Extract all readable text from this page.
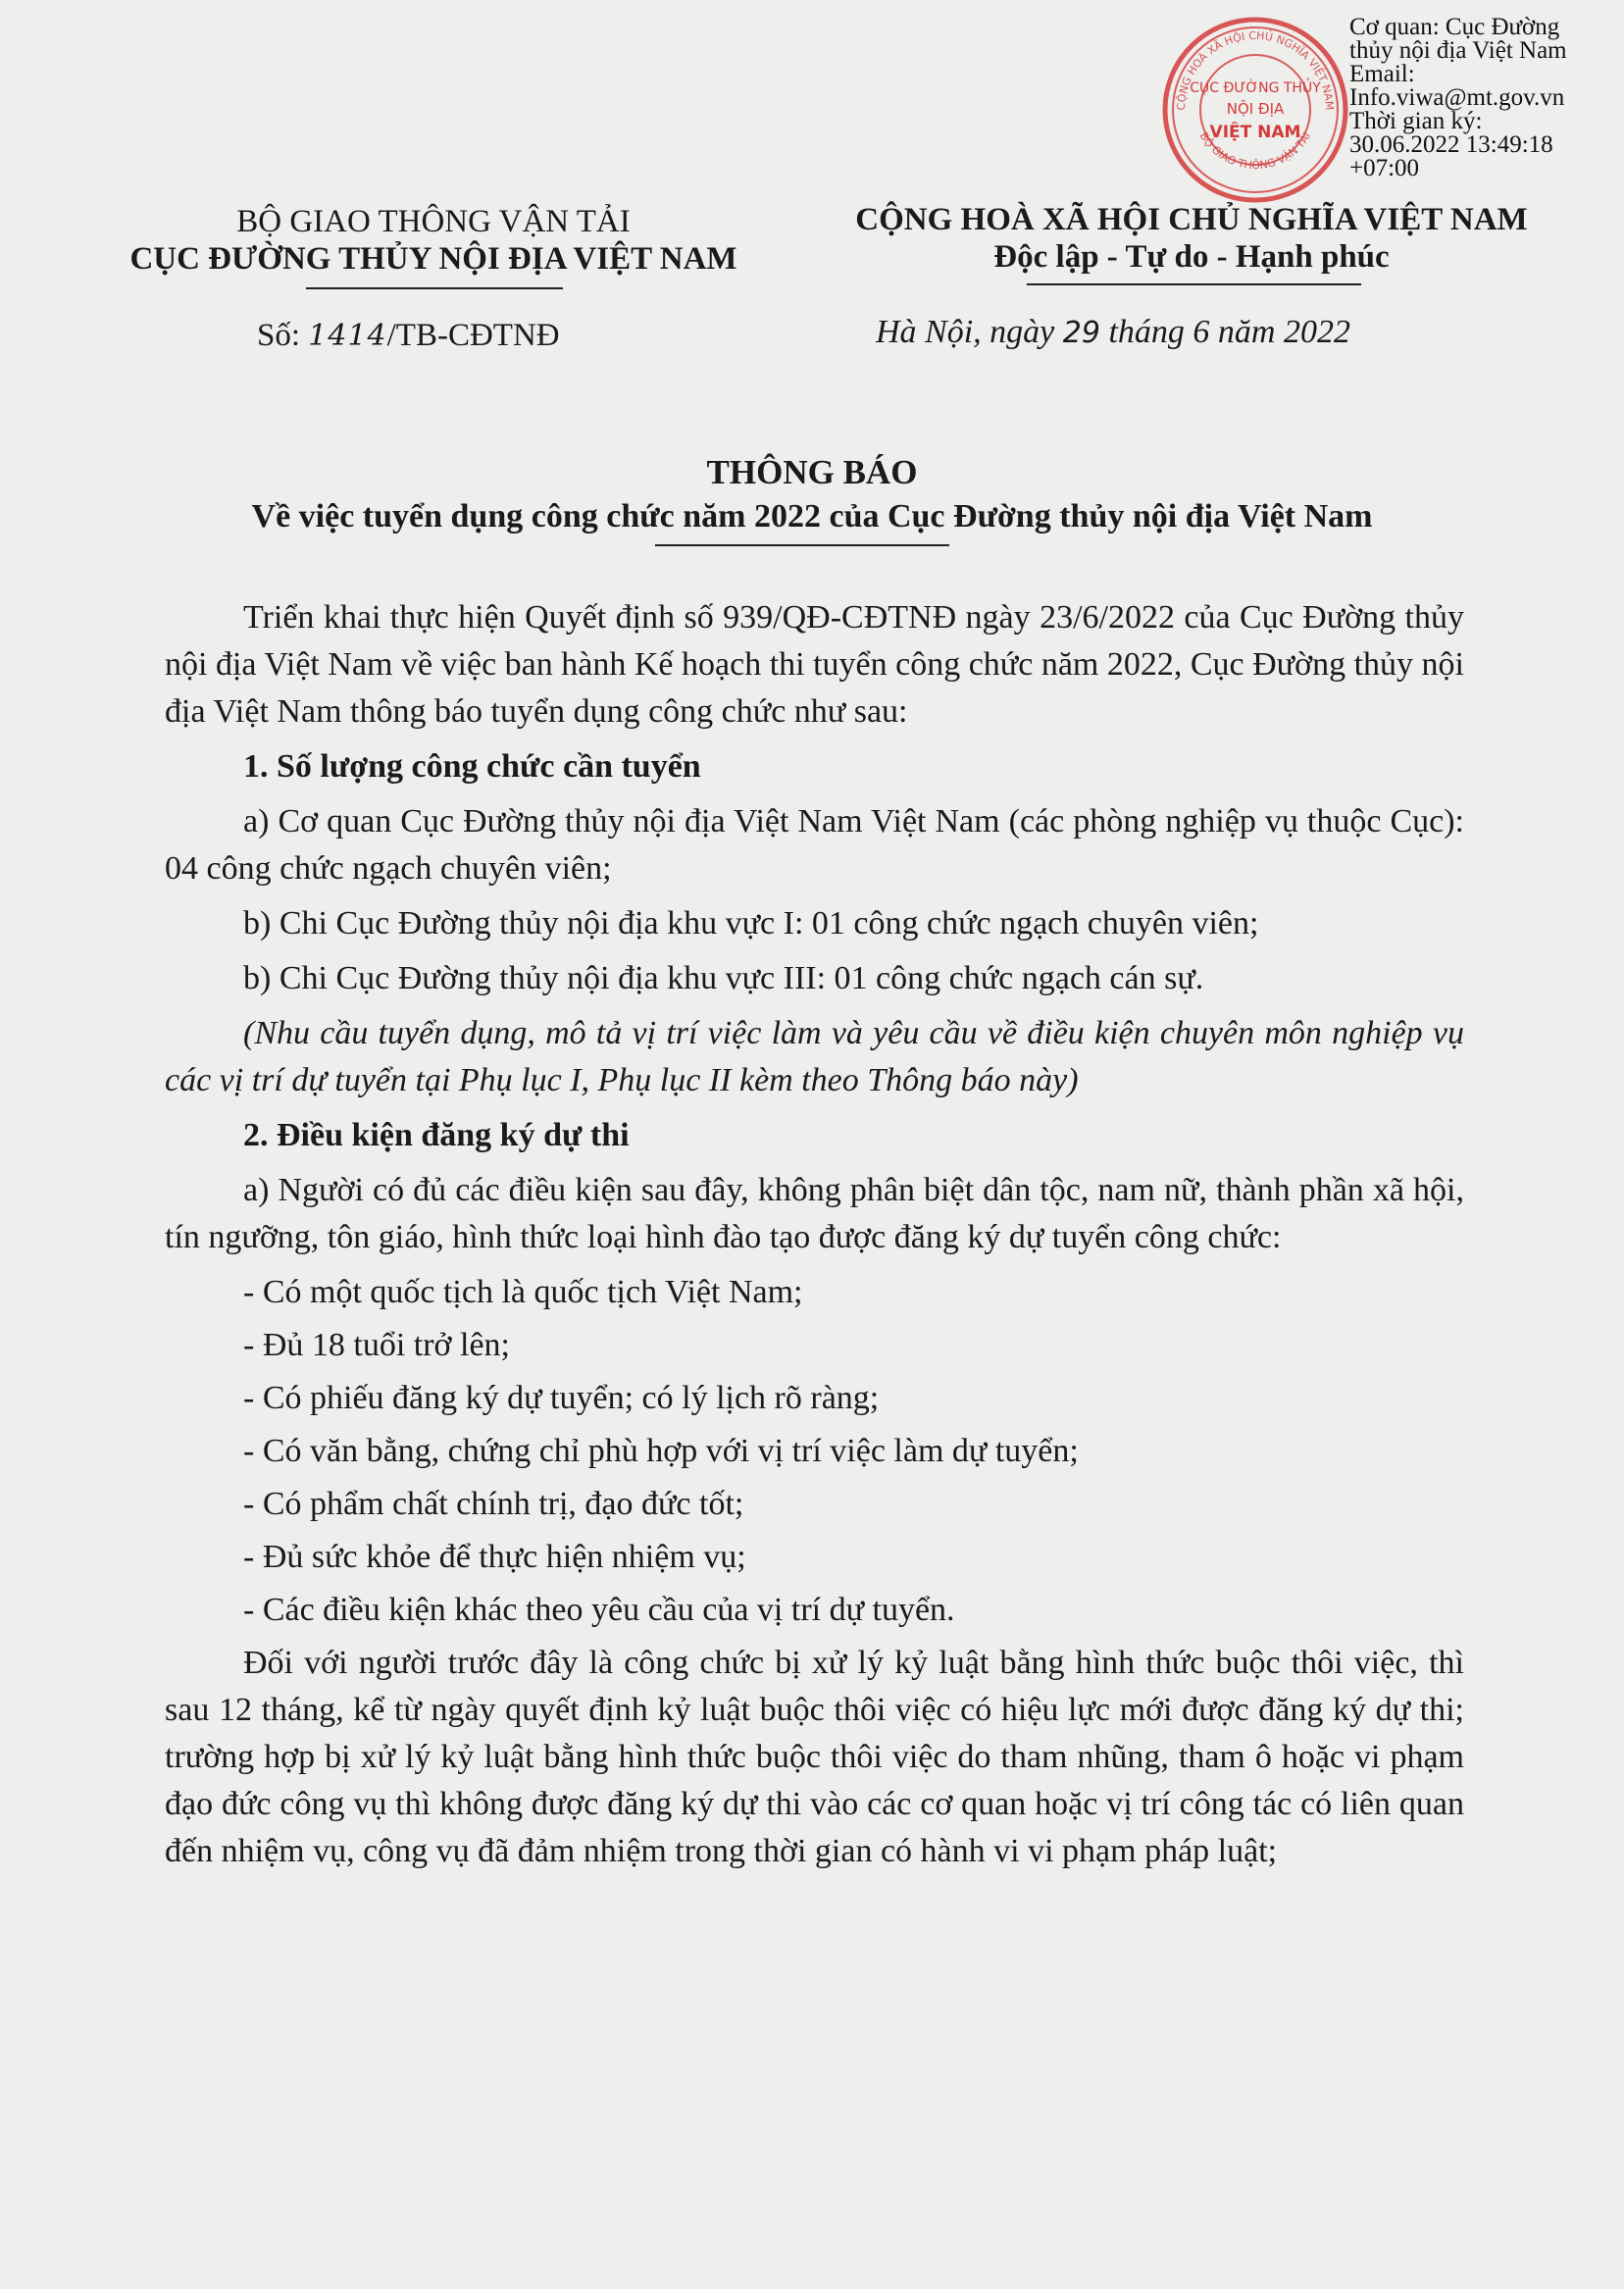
CỘNG HOÀ XÃ HỘI CHỦ NGHĨA VIỆT NAM
BỘ GIAO THÔNG VẬN TẢI
CỤC ĐƯỜNG THỦY
NỘI ĐỊA
VIỆT NAM
Cơ quan: Cục Đường
thủy nội địa Việt Nam
Email:
Info.viwa@mt.gov.vn
Thời gian ký:
30.06.2022 13:49:18
+07:00
BỘ GIAO THÔNG VẬN TẢI
CỤC ĐƯỜNG THỦY NỘI ĐỊA VIỆT NAM
Số: 1414/TB-CĐTNĐ
CỘNG HOÀ XÃ HỘI CHỦ NGHĨA VIỆT NAM
Độc lập - Tự do - Hạnh phúc
Hà Nội, ngày 29 tháng 6 năm 2022
THÔNG BÁO
Về việc tuyển dụng công chức năm 2022 của Cục Đường thủy nội địa Việt Nam

Triển khai thực hiện Quyết định số 939/QĐ-CĐTNĐ ngày 23/6/2022 của Cục Đường thủy nội địa Việt Nam về việc ban hành Kế hoạch thi tuyển công chức năm 2022, Cục Đường thủy nội địa Việt Nam thông báo tuyển dụng công chức như sau:

1. Số lượng công chức cần tuyển

a) Cơ quan Cục Đường thủy nội địa Việt Nam Việt Nam (các phòng nghiệp vụ thuộc Cục): 04 công chức ngạch chuyên viên;

b) Chi Cục Đường thủy nội địa khu vực I: 01 công chức ngạch chuyên viên;

b) Chi Cục Đường thủy nội địa khu vực III: 01 công chức ngạch cán sự.

(Nhu cầu tuyển dụng, mô tả vị trí việc làm và yêu cầu về điều kiện chuyên môn nghiệp vụ các vị trí dự tuyển tại Phụ lục I, Phụ lục II kèm theo Thông báo này)

2. Điều kiện đăng ký dự thi

a) Người có đủ các điều kiện sau đây, không phân biệt dân tộc, nam nữ, thành phần xã hội, tín ngưỡng, tôn giáo, hình thức loại hình đào tạo được đăng ký dự tuyển công chức:

- Có một quốc tịch là quốc tịch Việt Nam;

- Đủ 18 tuổi trở lên;

- Có phiếu đăng ký dự tuyển; có lý lịch rõ ràng;

- Có văn bằng, chứng chỉ phù hợp với vị trí việc làm dự tuyển;

- Có phẩm chất chính trị, đạo đức tốt;

- Đủ sức khỏe để thực hiện nhiệm vụ;

- Các điều kiện khác theo yêu cầu của vị trí dự tuyển.

Đối với người trước đây là công chức bị xử lý kỷ luật bằng hình thức buộc thôi việc, thì sau 12 tháng, kể từ ngày quyết định kỷ luật buộc thôi việc có hiệu lực mới được đăng ký dự thi; trường hợp bị xử lý kỷ luật bằng hình thức buộc thôi việc do tham nhũng, tham ô hoặc vi phạm đạo đức công vụ thì không được đăng ký dự thi vào các cơ quan hoặc vị trí công tác có liên quan đến nhiệm vụ, công vụ đã đảm nhiệm trong thời gian có hành vi vi phạm pháp luật;
